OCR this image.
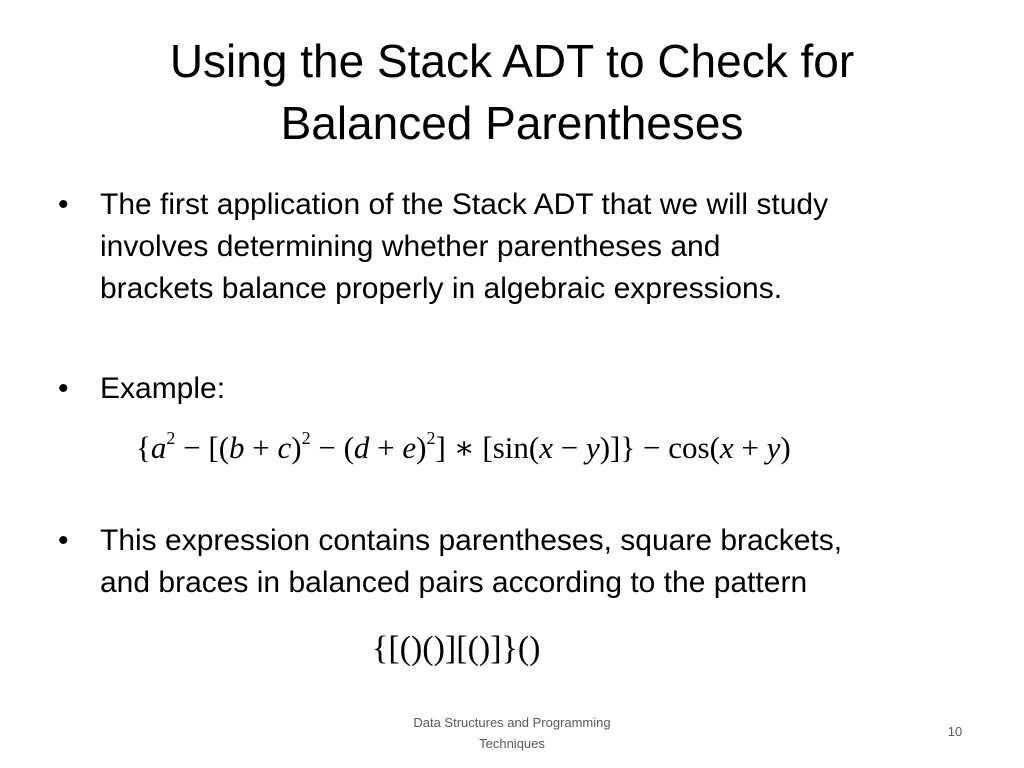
Using the Stack ADT to Check for
Balanced Parentheses
•	The first application of the Stack ADT that we will study
involves determining whether parentheses and
brackets balance properly in algebraic expressions.
•	Example:
•	This expression contains parentheses, square brackets,
and braces in balanced pairs according to the pattern
{$a^2 - [(b + c)^2 - (d + e)^2]$ ∗ [sin(x − y)]} − cos(x + y)
{[()()][()]}()
Data Structures and Programming
Techniques
10
